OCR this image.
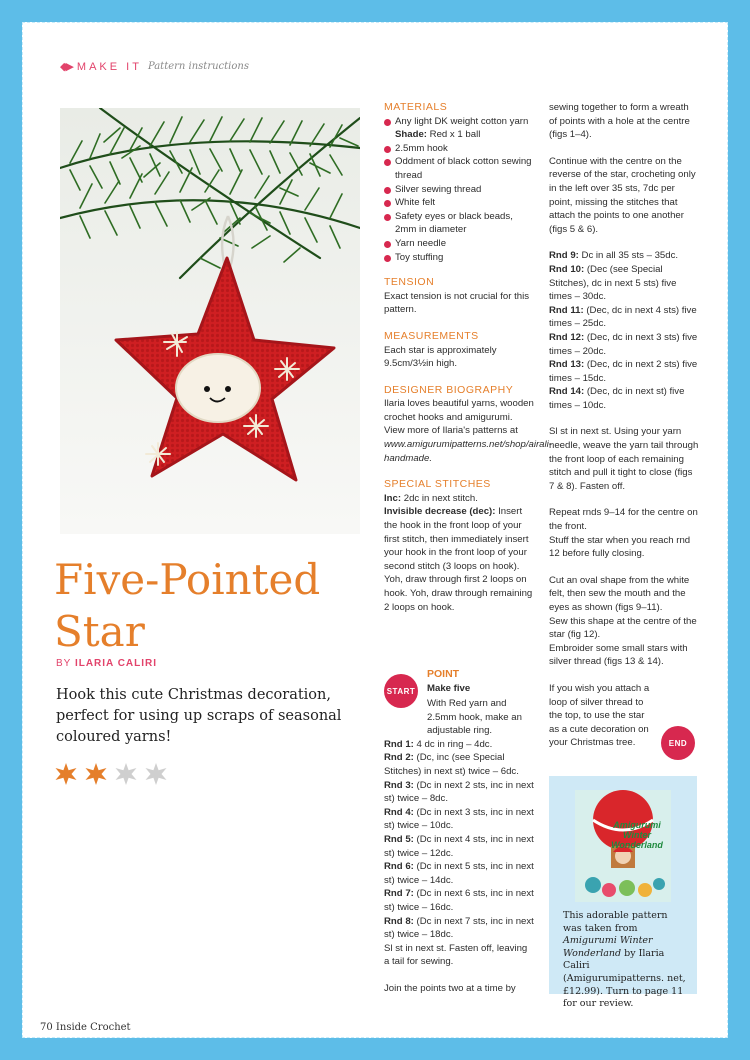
◆▶ MAKE IT Pattern instructions
Five-Pointed
Star
BY ILARIA CALIRI
Hook this cute Christmas decoration, perfect for using up scraps of seasonal coloured yarns!
MATERIALS
Any light DK weight cotton yarn
Shade: Red x 1 ball
2.5mm hook
Oddment of black cotton sewing thread
Silver sewing thread
White felt
Safety eyes or black beads, 2mm in diameter
Yarn needle
Toy stuffing
TENSION

Exact tension is not crucial for this pattern.

MEASUREMENTS

Each star is approximately 9.5cm/3½in high.

DESIGNER BIOGRAPHY

Ilaria loves beautiful yarns, wooden crochet hooks and amigurumi. View more of Ilaria's patterns at www.amigurumipatterns.net/shop/airali-handmade.

SPECIAL STITCHES

Inc: 2dc in next stitch.
Invisible decrease (dec): Insert the hook in the front loop of your first stitch, then immediately insert your hook in the front loop of your second stitch (3 loops on hook). Yoh, draw through first 2 loops on hook. Yoh, draw through remaining 2 loops on hook.

START
POINT
Make five

With Red yarn and 2.5mm hook, make an adjustable ring.
Rnd 1: 4 dc in ring – 4dc.
Rnd 2: (Dc, inc (see Special Stitches) in next st) twice – 6dc.
Rnd 3: (Dc in next 2 sts, inc in next st) twice – 8dc.
Rnd 4: (Dc in next 3 sts, inc in next st) twice – 10dc.
Rnd 5: (Dc in next 4 sts, inc in next st) twice – 12dc.
Rnd 6: (Dc in next 5 sts, inc in next st) twice – 14dc.
Rnd 7: (Dc in next 6 sts, inc in next st) twice – 16dc.
Rnd 8: (Dc in next 7 sts, inc in next st) twice – 18dc.

Sl st in next st. Fasten off, leaving a tail for sewing.

Join the points two at a time by

sewing together to form a wreath of points with a hole at the centre (figs 1–4).

Continue with the centre on the reverse of the star, crocheting only in the left over 35 sts, 7dc per point, missing the stitches that attach the points to one another (figs 5 & 6).

Rnd 9: Dc in all 35 sts – 35dc.
Rnd 10: (Dec (see Special Stitches), dc in next 5 sts) five times – 30dc.
Rnd 11: (Dec, dc in next 4 sts) five times – 25dc.
Rnd 12: (Dec, dc in next 3 sts) five times – 20dc.
Rnd 13: (Dec, dc in next 2 sts) five times – 15dc.
Rnd 14: (Dec, dc in next st) five times – 10dc.

Sl st in next st. Using your yarn needle, weave the yarn tail through the front loop of each remaining stitch and pull it tight to close (figs 7 & 8). Fasten off.

Repeat rnds 9–14 for the centre on the front.
Stuff the star when you reach rnd 12 before fully closing.

Cut an oval shape from the white felt, then sew the mouth and the eyes as shown (figs 9–11).
Sew this shape at the centre of the star (fig 12).
Embroider some small stars with silver thread (figs 13 & 14).

If you wish you attach a loop of silver thread to the top, to use the star as a cute decoration on your Christmas tree.	END
Amigurumi
Winter
Wonderland
This adorable pattern was taken from Amigurumi Winter Wonderland by Ilaria Caliri (Amigurumipatterns. net, £12.99). Turn to page 11 for our review.
70 Inside Crochet
